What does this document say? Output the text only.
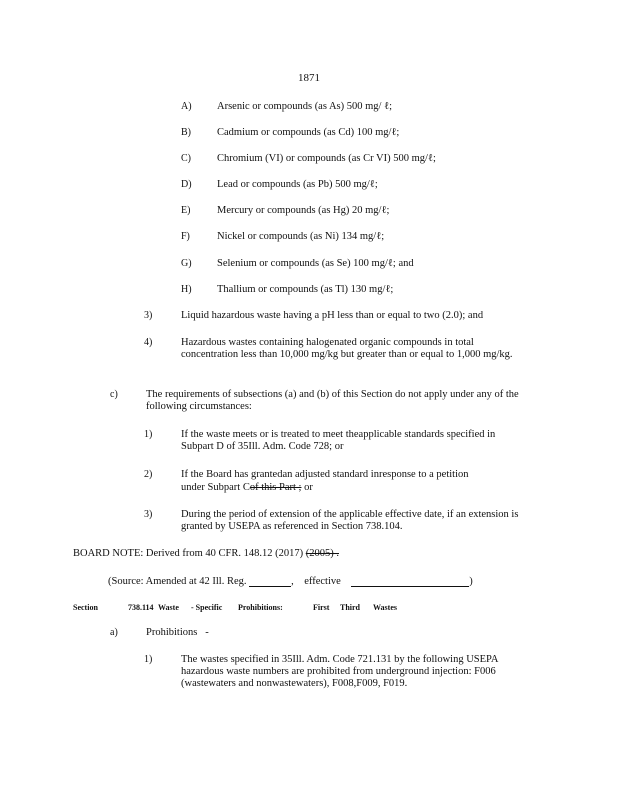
1871
A) Arsenic or compounds (as As) 500 mg/ ℓ;
B) Cadmium or compounds (as Cd) 100 mg/ℓ;
C) Chromium (VI) or compounds (as Cr VI) 500 mg/ℓ;
D) Lead or compounds (as Pb) 500 mg/ℓ;
E)	Mercury or compounds (as Hg) 20 mg/ℓ;
F)	Nickel or compounds (as Ni) 134 mg/ℓ;
G) Selenium or compounds (as Se) 100 mg/ℓ; and
H) Thallium or compounds (as Tl) 130 mg/ℓ;
3)	Liquid hazardous waste having a pH less than or equal to two (2.0); and
4)	Hazardous wastes containing halogenated organic compounds in total concentration less than 10,000 mg/kg but greater than or equal to 1,000 mg/kg.
c)	The requirements of subsections (a) and (b) of this Section do not apply under any of the following circumstances:
1)	If the waste meets or is treated to meet theapplicable standards specified in Subpart D of 35Ill. Adm. Code 728; or
2)	If the Board has grantedan adjusted standard inresponse to a petition
under Subpart Cof this Part ; or
3)	During the period of extension of the applicable effective date, if an extension is granted by USEPA as referenced in Section 738.104.
BOARD NOTE: Derived from 40 CFR. 148.12 (2017) (2005) .
(Source: Amended at 42 Ill. Reg.	, effective	)
Section	738.114 Waste - Specific Prohibitions:	First Third Wastes
a)	Prohibitions -
1)	The wastes specified in 35Ill. Adm. Code 721.131 by the following USEPA hazardous waste numbers are prohibited from underground injection: F006 (wastewaters and nonwastewaters), F008,F009, F019.
